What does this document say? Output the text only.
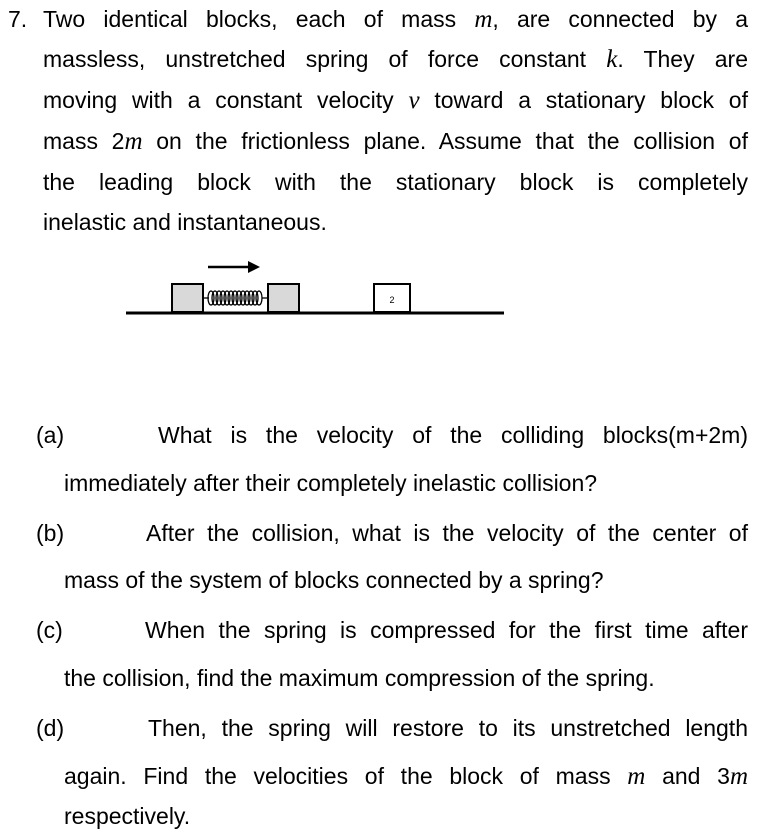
7. Two identical blocks, each of mass m, are connected by a
massless, unstretched spring of force constant k. They are
moving with a constant velocity v toward a stationary block of
mass 2m on the frictionless plane. Assume that the collision of
the leading block with the stationary block is completely
inelastic and instantaneous.
2
(a)	What is the velocity of the colliding blocks(m+2m)
immediately after their completely inelastic collision?
(b)	After the collision, what is the velocity of the center of
mass of the system of blocks connected by a spring?
(c)	When the spring is compressed for the first time after
the collision, find the maximum compression of the spring.
(d)	Then, the spring will restore to its unstretched length
again. Find the velocities of the block of mass m and 3m
respectively.
